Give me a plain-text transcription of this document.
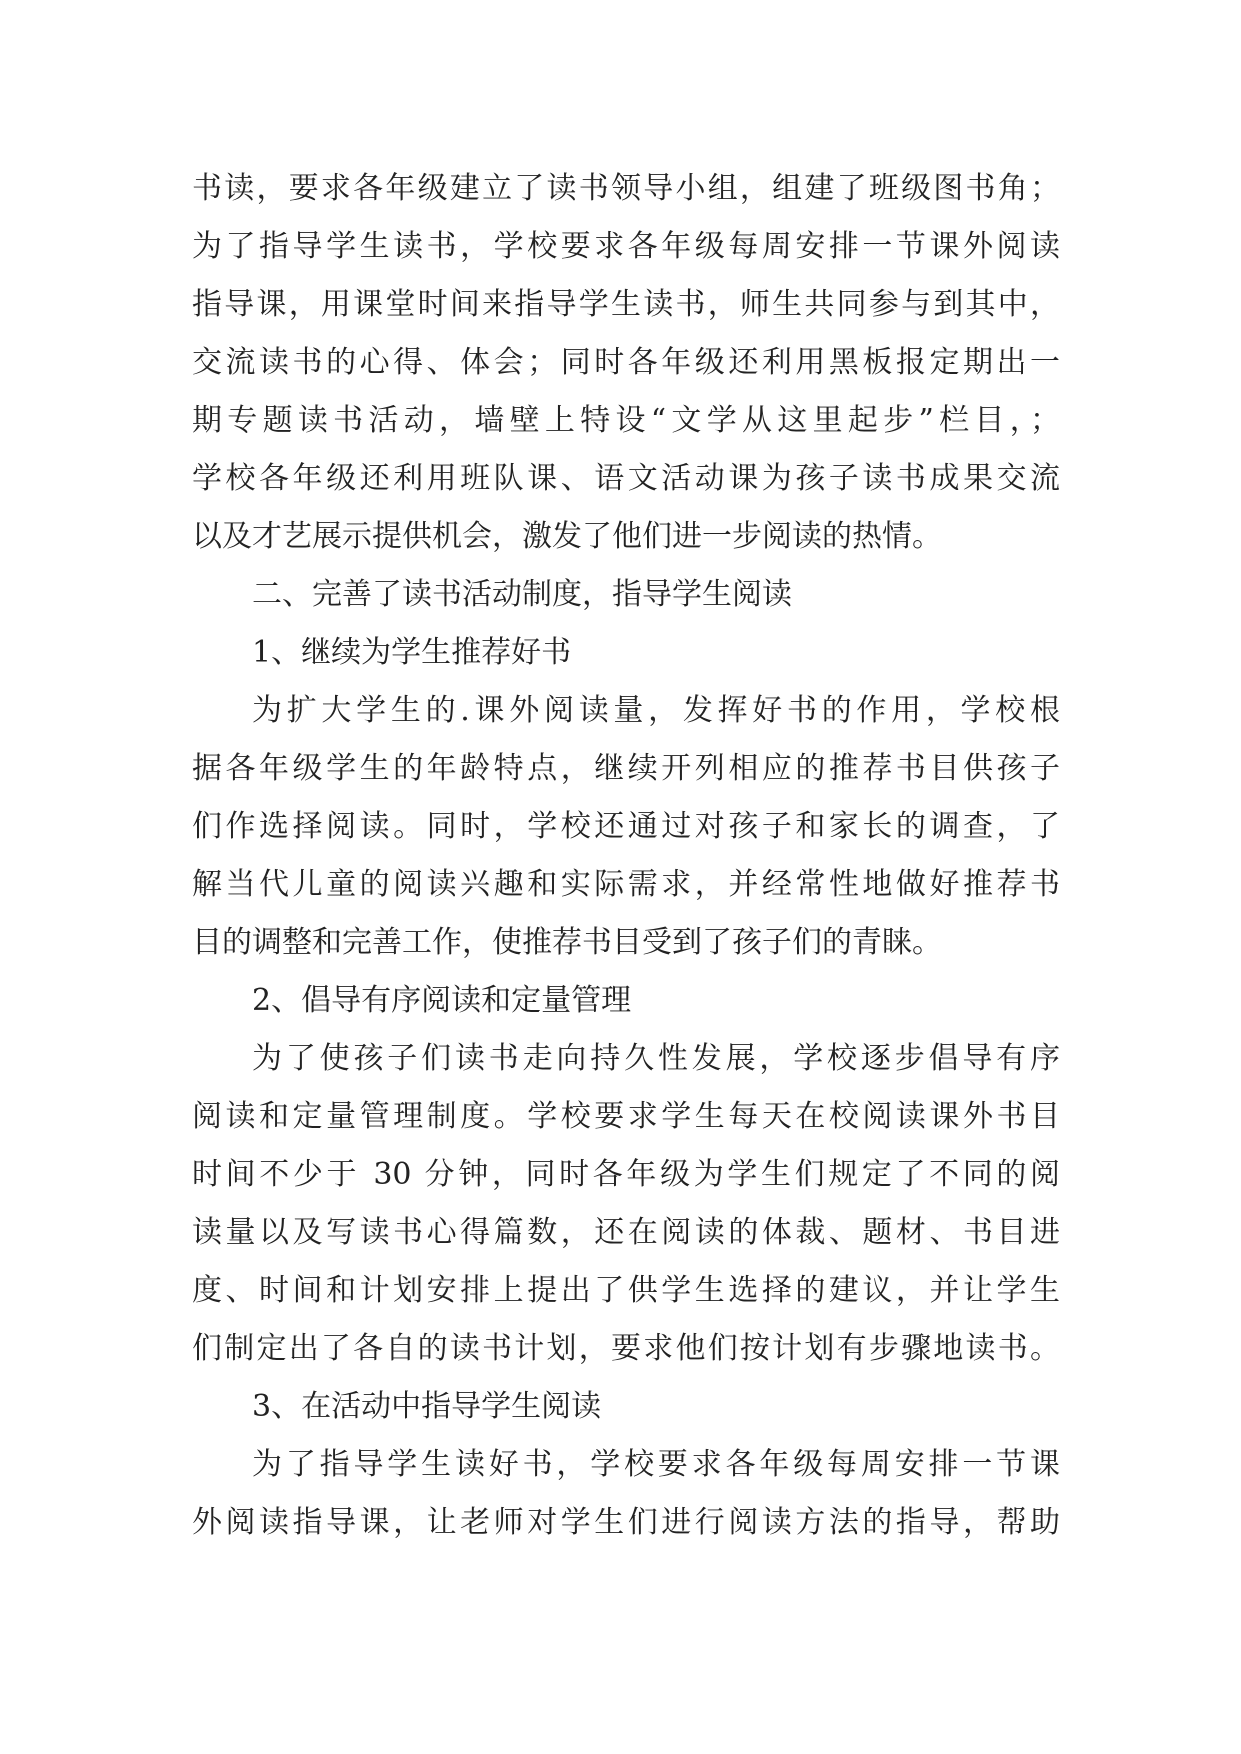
书读，要求各年级建立了读书领导小组，组建了班级图书角；
为了指导学生读书，学校要求各年级每周安排一节课外阅读
指导课，用课堂时间来指导学生读书，师生共同参与到其中，
交流读书的心得、体会；同时各年级还利用黑板报定期出一
期专题读书活动，墙壁上特设“文学从这里起步”栏目，；
学校各年级还利用班队课、语文活动课为孩子读书成果交流
以及才艺展示提供机会，激发了他们进一步阅读的热情。
二、完善了读书活动制度，指导学生阅读
1、继续为学生推荐好书
为扩大学生的.课外阅读量，发挥好书的作用，学校根
据各年级学生的年龄特点，继续开列相应的推荐书目供孩子
们作选择阅读。同时，学校还通过对孩子和家长的调查，了
解当代儿童的阅读兴趣和实际需求，并经常性地做好推荐书
目的调整和完善工作，使推荐书目受到了孩子们的青睐。
2、倡导有序阅读和定量管理
为了使孩子们读书走向持久性发展，学校逐步倡导有序
阅读和定量管理制度。学校要求学生每天在校阅读课外书目
时间不少于 30 分钟，同时各年级为学生们规定了不同的阅
读量以及写读书心得篇数，还在阅读的体裁、题材、书目进
度、时间和计划安排上提出了供学生选择的建议，并让学生
们制定出了各自的读书计划，要求他们按计划有步骤地读书。
3、在活动中指导学生阅读
为了指导学生读好书，学校要求各年级每周安排一节课
外阅读指导课，让老师对学生们进行阅读方法的指导，帮助
